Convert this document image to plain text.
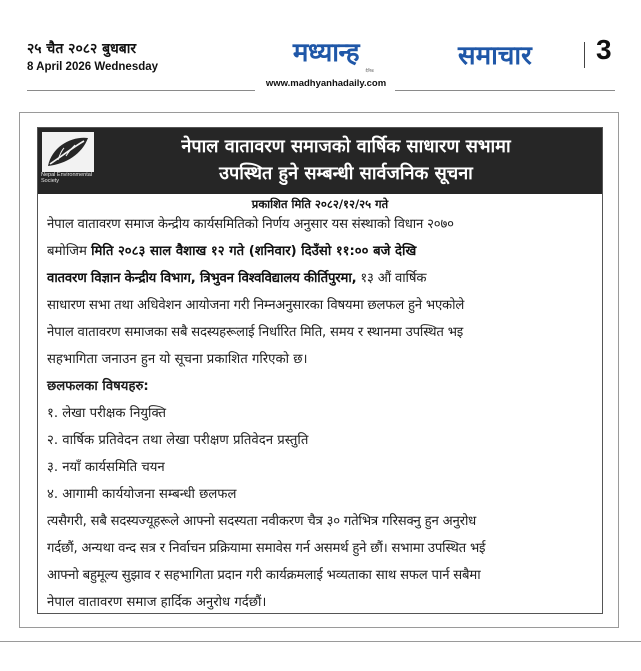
२५ चैत २०८२ बुधबार
8 April 2026 Wednesday	मध्यान्ह
दैनिक
www.madhyanhadaily.com
समाचार 3
Nepal Environmental Society
नेपाल वातावरण समाजको वार्षिक साधारण सभामा
उपस्थित हुने सम्बन्धी सार्वजनिक सूचना
प्रकाशित मिति २०८२/१२/२५ गते

नेपाल वातावरण समाज केन्द्रीय कार्यसमितिको निर्णय अनुसार यस संस्थाको विधान २०७०
बमोजिम मिति २०८३ साल वैशाख १२ गते (शनिवार) दिउँसो ११:०० बजे देखि
वातवरण विज्ञान केन्द्रीय विभाग, त्रिभुवन विश्वविद्यालय कीर्तिपुरमा, १३ औं वार्षिक
साधारण सभा तथा अधिवेशन आयोजना गरी निम्नअनुसारका विषयमा छलफल हुने भएकोले
नेपाल वातावरण समाजका सबै सदस्यहरूलाई निर्धारित मिति, समय र स्थानमा उपस्थित भइ
सहभागिता जनाउन हुन यो सूचना प्रकाशित गरिएको छ।

छलफलका विषयहरु:
१. लेखा परीक्षक नियुक्ति
२. वार्षिक प्रतिवेदन तथा लेखा परीक्षण प्रतिवेदन प्रस्तुति
३. नयाँ कार्यसमिति चयन
४. आगामी कार्ययोजना सम्बन्धी छलफल

त्यसैगरी, सबै सदस्यज्यूहरूले आफ्नो सदस्यता नवीकरण चैत्र ३० गतेभित्र गरिसक्नु हुन अनुरोध
गर्दछौं, अन्यथा वन्द सत्र र निर्वाचन प्रक्रियामा समावेस गर्न असमर्थ हुने छौं। सभामा उपस्थित भई
आफ्नो बहुमूल्य सुझाव र सहभागिता प्रदान गरी कार्यक्रमलाई भव्यताका साथ सफल पार्न सबैमा
नेपाल वातावरण समाज हार्दिक अनुरोध गर्दछौं।
